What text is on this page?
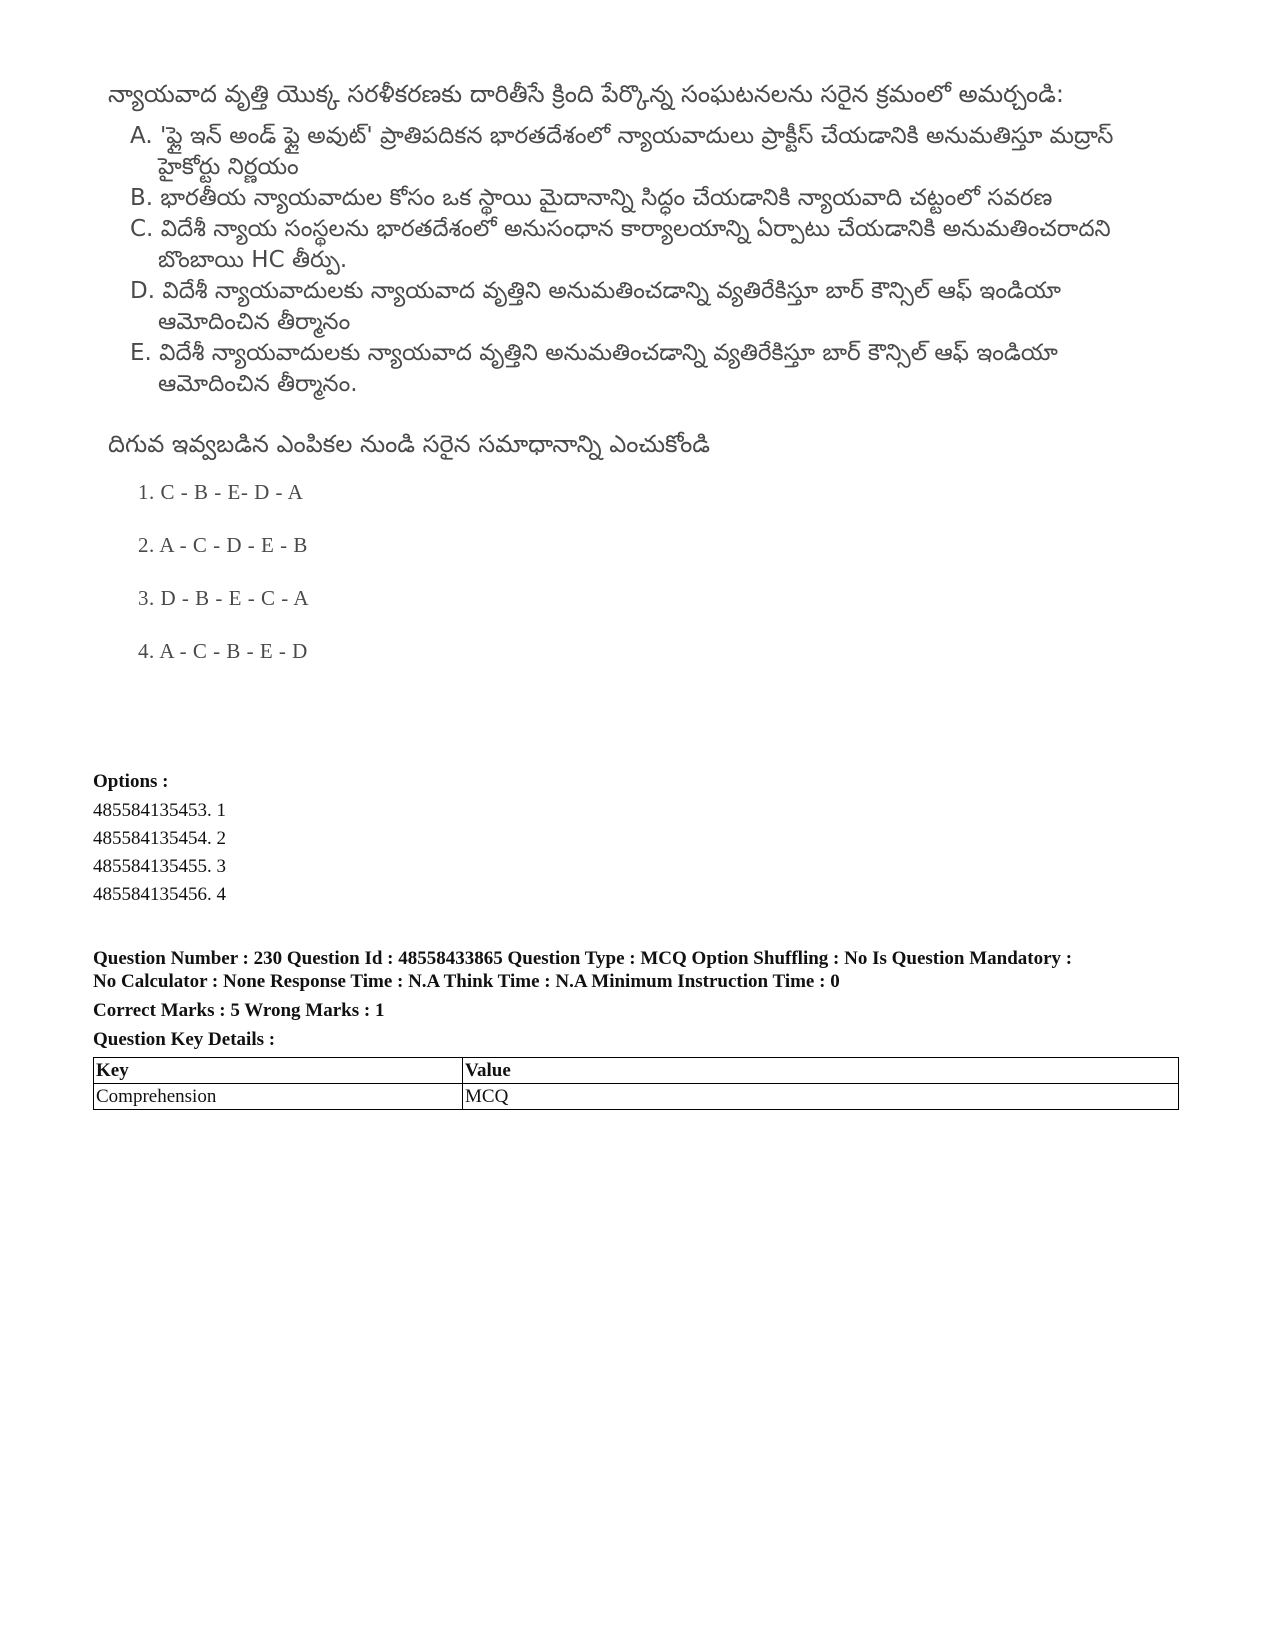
న్యాయవాద వృత్తి యొక్క సరళీకరణకు దారితీసే క్రింది పేర్కొన్న సంఘటనలను సరైన క్రమంలో అమర్చండి:

A. 'ఫ్లై ఇన్ అండ్ ఫ్లై అవుట్' ప్రాతిపదికన భారతదేశంలో న్యాయవాదులు ప్రాక్టీస్ చేయడానికి అనుమతిస్తూ మద్రాస్ హైకోర్టు నిర్ణయం
B. భారతీయ న్యాయవాదుల కోసం ఒక స్థాయి మైదానాన్ని సిద్ధం చేయడానికి న్యాయవాది చట్టంలో సవరణ
C. విదేశీ న్యాయ సంస్థలను భారతదేశంలో అనుసంధాన కార్యాలయాన్ని ఏర్పాటు చేయడానికి అనుమతించరాదని బొంబాయి HC తీర్పు.
D. విదేశీ న్యాయవాదులకు న్యాయవాద వృత్తిని అనుమతించడాన్ని వ్యతిరేకిస్తూ బార్ కౌన్సిల్ ఆఫ్ ఇండియా ఆమోదించిన తీర్మానం
E. విదేశీ న్యాయవాదులకు న్యాయవాద వృత్తిని అనుమతించడాన్ని వ్యతిరేకిస్తూ బార్ కౌన్సిల్ ఆఫ్ ఇండియా ఆమోదించిన తీర్మానం.

దిగువ ఇవ్వబడిన ఎంపికల నుండి సరైన సమాధానాన్ని ఎంచుకోండి

1. C - B - E- D - A
2. A - C - D - E - B
3. D - B - E - C - A
4. A - C - B - E - D

Options :

485584135453. 1
485584135454. 2
485584135455. 3
485584135456. 4

Question Number : 230 Question Id : 48558433865 Question Type : MCQ Option Shuffling : No Is Question Mandatory :

No Calculator : None Response Time : N.A Think Time : N.A Minimum Instruction Time : 0

Correct Marks : 5 Wrong Marks : 1

Question Key Details :

Key	Value
Comprehension	MCQ
